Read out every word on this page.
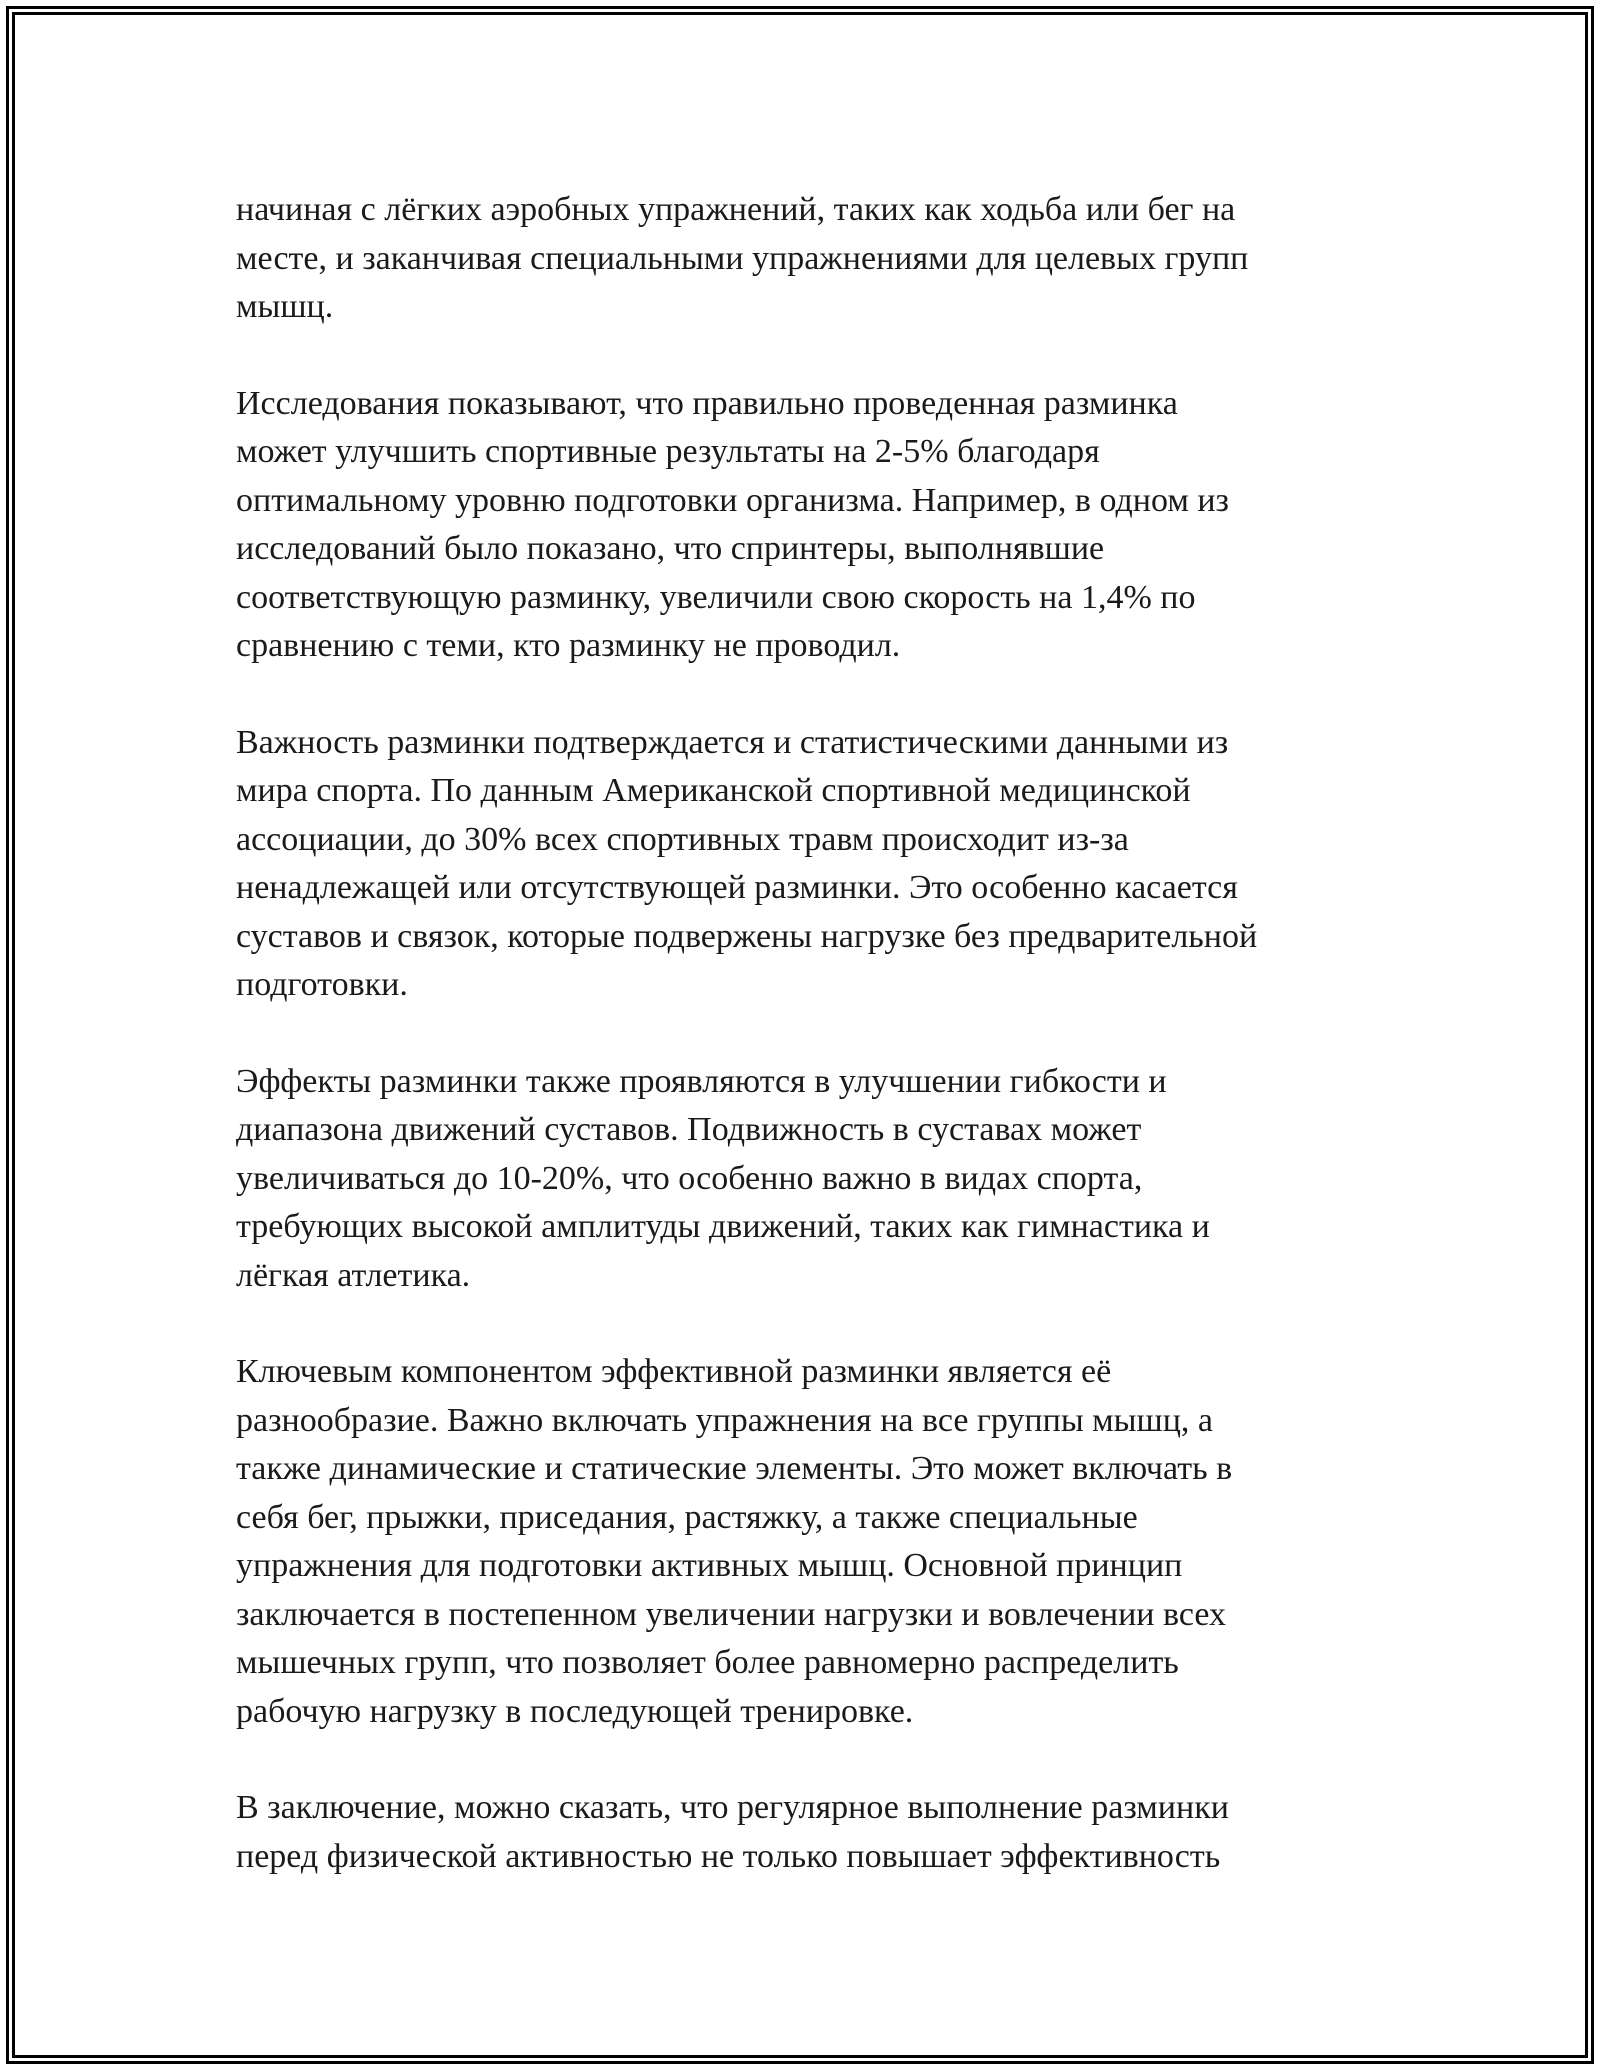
начиная с лёгких аэробных упражнений, таких как ходьба или бег на
месте, и заканчивая специальными упражнениями для целевых групп
мышц.

Исследования показывают, что правильно проведенная разминка
может улучшить спортивные результаты на 2-5% благодаря
оптимальному уровню подготовки организма. Например, в одном из
исследований было показано, что спринтеры, выполнявшие
соответствующую разминку, увеличили свою скорость на 1,4% по
сравнению с теми, кто разминку не проводил.

Важность разминки подтверждается и статистическими данными из
мира спорта. По данным Американской спортивной медицинской
ассоциации, до 30% всех спортивных травм происходит из-за
ненадлежащей или отсутствующей разминки. Это особенно касается
суставов и связок, которые подвержены нагрузке без предварительной
подготовки.

Эффекты разминки также проявляются в улучшении гибкости и
диапазона движений суставов. Подвижность в суставах может
увеличиваться до 10-20%, что особенно важно в видах спорта,
требующих высокой амплитуды движений, таких как гимнастика и
лёгкая атлетика.

Ключевым компонентом эффективной разминки является её
разнообразие. Важно включать упражнения на все группы мышц, а
также динамические и статические элементы. Это может включать в
себя бег, прыжки, приседания, растяжку, а также специальные
упражнения для подготовки активных мышц. Основной принцип
заключается в постепенном увеличении нагрузки и вовлечении всех
мышечных групп, что позволяет более равномерно распределить
рабочую нагрузку в последующей тренировке.

В заключение, можно сказать, что регулярное выполнение разминки
перед физической активностью не только повышает эффективность
